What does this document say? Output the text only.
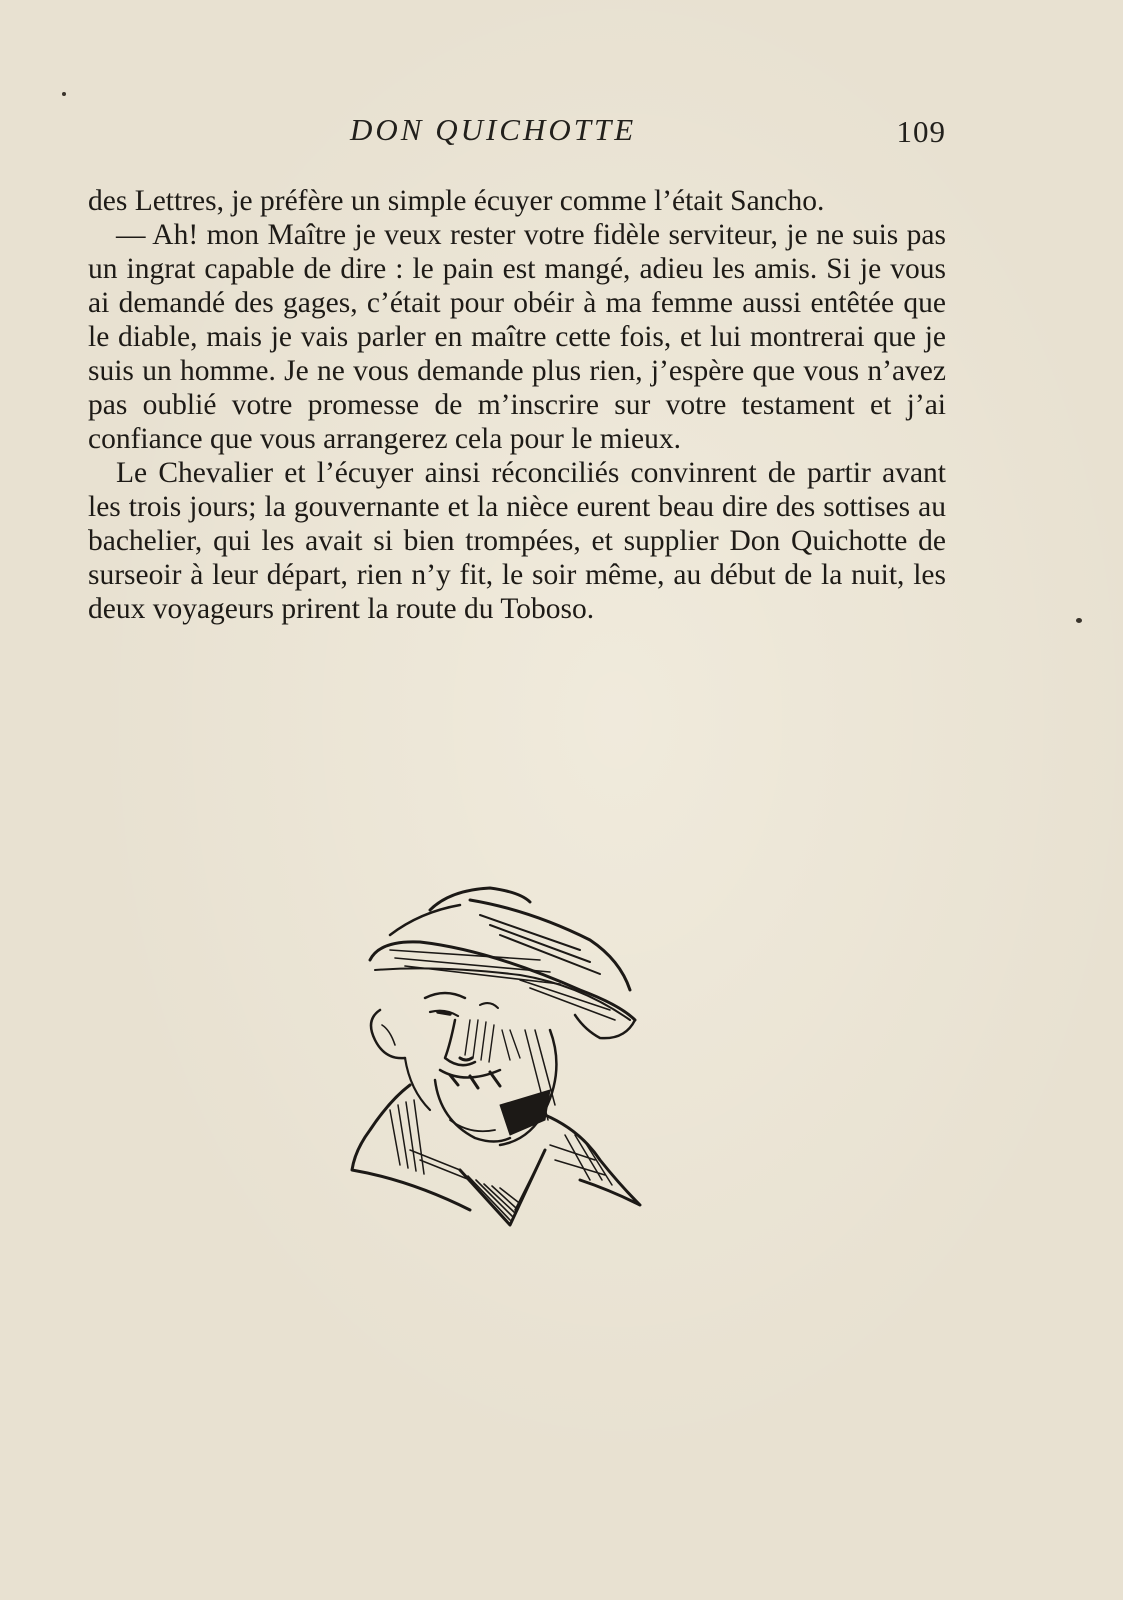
DON QUICHOTTE	109

des Lettres, je préfère un simple écuyer comme l’était Sancho.

— Ah! mon Maître je veux rester votre fidèle serviteur, je ne suis pas un ingrat capable de dire : le pain est mangé, adieu les amis. Si je vous ai demandé des gages, c’était pour obéir à ma femme aussi entêtée que le diable, mais je vais parler en maître cette fois, et lui montrerai que je suis un homme. Je ne vous demande plus rien, j’espère que vous n’avez pas oublié votre promesse de m’inscrire sur votre testament et j’ai confiance que vous arrangerez cela pour le mieux.

Le Chevalier et l’écuyer ainsi réconciliés convinrent de partir avant les trois jours; la gouvernante et la nièce eurent beau dire des sottises au bachelier, qui les avait si bien trompées, et supplier Don Quichotte de surseoir à leur départ, rien n’y fit, le soir même, au début de la nuit, les deux voyageurs prirent la route du Toboso.
